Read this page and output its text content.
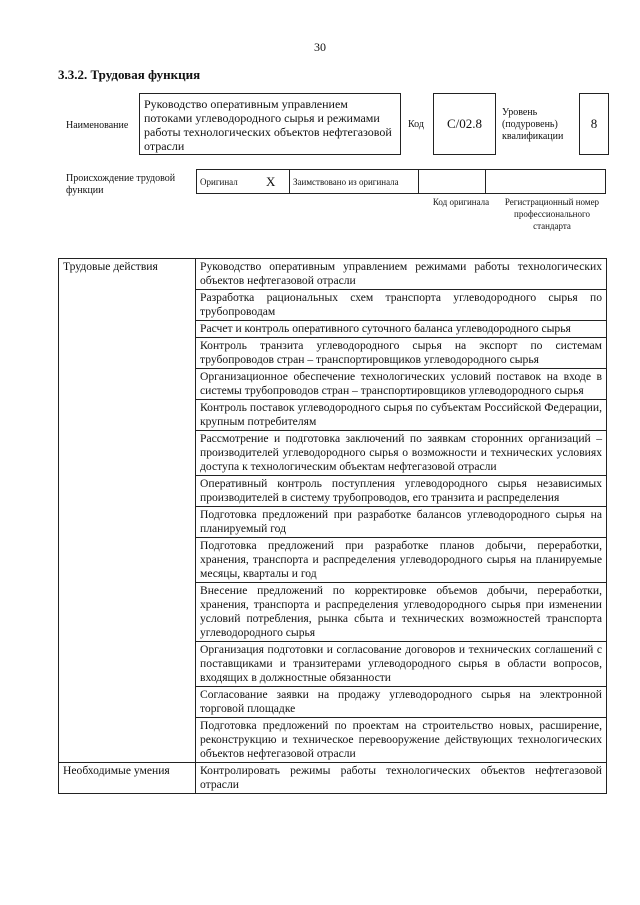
30
3.3.2. Трудовая функция
Наименование
Руководство оперативным управлением потоками углеводородного сырья и режимами работы технологических объектов нефтегазовой отрасли
Код	С/02.8
Уровень (подуровень) квалификации
8
Происхождение трудовой функции
Оригинал	Х	Заимствовано из оригинала		
Код оригинала	Регистрационный номер профессионального стандарта
Трудовые действия	Руководство оперативным управлением режимами работы технологических объектов нефтегазовой отрасли
	Разработка рациональных схем транспорта углеводородного сырья по трубопроводам
	Расчет и контроль оперативного суточного баланса углеводородного сырья
	Контроль транзита углеводородного сырья на экспорт по системам трубопроводов стран – транспортировщиков углеводородного сырья
	Организационное обеспечение технологических условий поставок на входе в системы трубопроводов стран – транспортировщиков углеводородного сырья
	Контроль поставок углеводородного сырья по субъектам Российской Федерации, крупным потребителям
	Рассмотрение и подготовка заключений по заявкам сторонних организаций – производителей углеводородного сырья о возможности и технических условиях доступа к технологическим объектам нефтегазовой отрасли
	Оперативный контроль поступления углеводородного сырья независимых производителей в систему трубопроводов, его транзита и распределения
	Подготовка предложений при разработке балансов углеводородного сырья на планируемый год
	Подготовка предложений при разработке планов добычи, переработки, хранения, транспорта и распределения углеводородного сырья на планируемые месяцы, кварталы и год
	Внесение предложений по корректировке объемов добычи, переработки, хранения, транспорта и распределения углеводородного сырья при изменении условий потребления, рынка сбыта и технических возможностей транспорта углеводородного сырья
	Организация подготовки и согласование договоров и технических соглашений с поставщиками и транзитерами углеводородного сырья в области вопросов, входящих в должностные обязанности
	Согласование заявки на продажу углеводородного сырья на электронной торговой площадке
	Подготовка предложений по проектам на строительство новых, расширение, реконструкцию и техническое перевооружение действующих технологических объектов нефтегазовой отрасли
Необходимые умения	Контролировать режимы работы технологических объектов нефтегазовой отрасли
